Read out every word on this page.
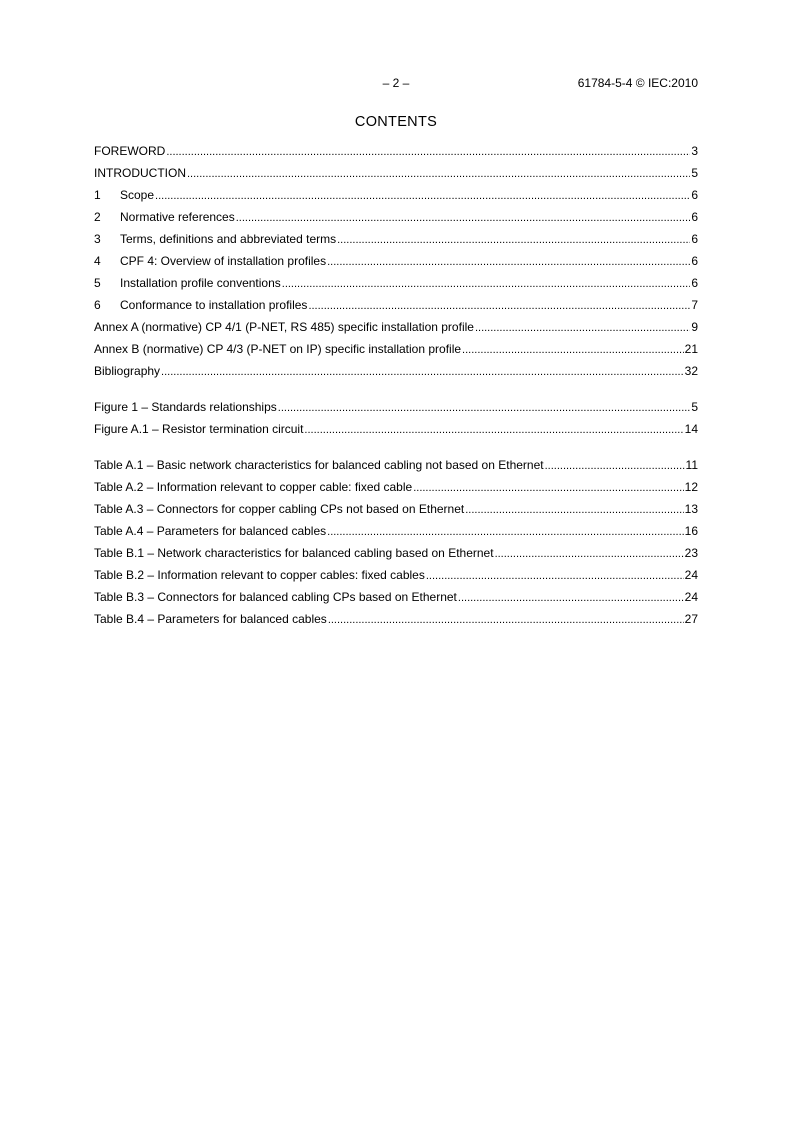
– 2 –	61784-5-4 © IEC:2010
CONTENTS
FOREWORD .....	3
INTRODUCTION .....	5
1	Scope .....	6
2	Normative references .....	6
3	Terms, definitions and abbreviated terms .....	6
4	CPF 4: Overview of installation profiles .....	6
5	Installation profile conventions .....	6
6	Conformance to installation profiles .....	7
Annex A (normative) CP 4/1 (P-NET, RS 485) specific installation profile .....	9
Annex B (normative) CP 4/3 (P-NET on IP) specific installation profile .....	21
Bibliography .....	32
Figure 1 – Standards relationships .....	5
Figure A.1 – Resistor termination circuit .....	14
Table A.1 – Basic network characteristics for balanced cabling not based on Ethernet .....	11
Table A.2 – Information relevant to copper cable: fixed cable .....	12
Table A.3 – Connectors for copper cabling CPs not based on Ethernet .....	13
Table A.4 – Parameters for balanced cables .....	16
Table B.1 – Network characteristics for balanced cabling based on Ethernet .....	23
Table B.2 – Information relevant to copper cables: fixed cables .....	24
Table B.3 – Connectors for balanced cabling CPs based on Ethernet .....	24
Table B.4 – Parameters for balanced cables .....	27
